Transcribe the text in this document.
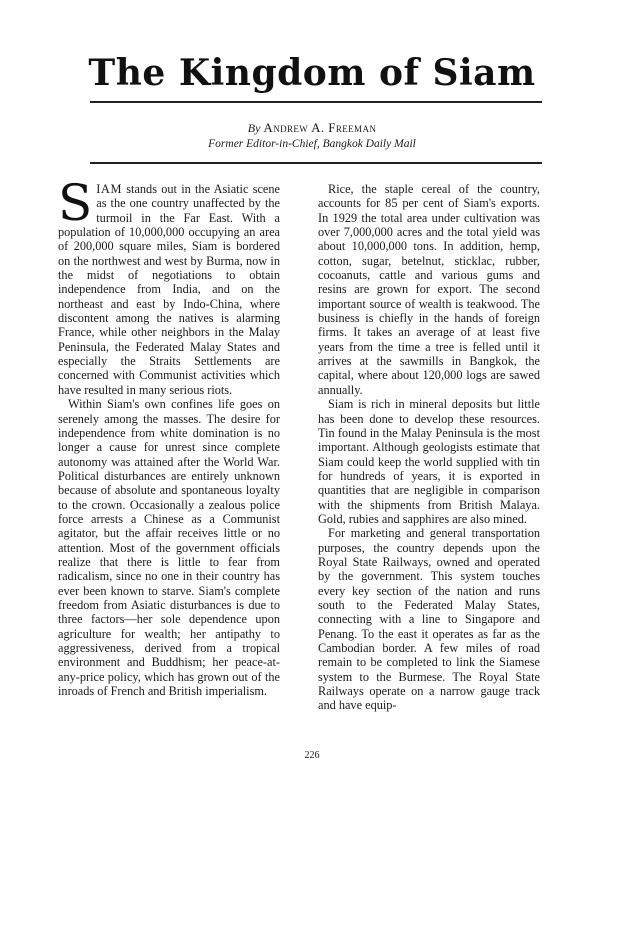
The Kingdom of Siam
By Andrew A. Freeman
Former Editor-in-Chief, Bangkok Daily Mail

SIAM stands out in the Asiatic scene as the one country unaffected by the turmoil in the Far East. With a population of 10,000,000 occupying an area of 200,000 square miles, Siam is bordered on the northwest and west by Burma, now in the midst of negotiations to obtain independence from India, and on the northeast and east by Indo-China, where discontent among the natives is alarming France, while other neighbors in the Malay Peninsula, the Federated Malay States and especially the Straits Settlements are concerned with Communist activities which have resulted in many serious riots.

Within Siam's own confines life goes on serenely among the masses. The desire for independence from white domination is no longer a cause for unrest since complete autonomy was attained after the World War. Political disturbances are entirely unknown because of absolute and spontaneous loyalty to the crown. Occasionally a zealous police force arrests a Chinese as a Communist agitator, but the affair receives little or no attention. Most of the government officials realize that there is little to fear from radicalism, since no one in their country has ever been known to starve. Siam's complete freedom from Asiatic disturbances is due to three factors—her sole dependence upon agriculture for wealth; her antipathy to aggressiveness, derived from a tropical environment and Buddhism; her peace-at-any-price policy, which has grown out of the inroads of French and British imperialism.

Rice, the staple cereal of the country, accounts for 85 per cent of Siam's exports. In 1929 the total area under cultivation was over 7,000,000 acres and the total yield was about 10,000,000 tons. In addition, hemp, cotton, sugar, betelnut, sticklac, rubber, cocoanuts, cattle and various gums and resins are grown for export. The second important source of wealth is teakwood. The business is chiefly in the hands of foreign firms. It takes an average of at least five years from the time a tree is felled until it arrives at the sawmills in Bangkok, the capital, where about 120,000 logs are sawed annually.

Siam is rich in mineral deposits but little has been done to develop these resources. Tin found in the Malay Peninsula is the most important. Although geologists estimate that Siam could keep the world supplied with tin for hundreds of years, it is exported in quantities that are negligible in comparison with the shipments from British Malaya. Gold, rubies and sapphires are also mined.

For marketing and general transportation purposes, the country depends upon the Royal State Railways, owned and operated by the government. This system touches every key section of the nation and runs south to the Federated Malay States, connecting with a line to Singapore and Penang. To the east it operates as far as the Cambodian border. A few miles of road remain to be completed to link the Siamese system to the Burmese. The Royal State Railways operate on a narrow gauge track and have equip-

226
